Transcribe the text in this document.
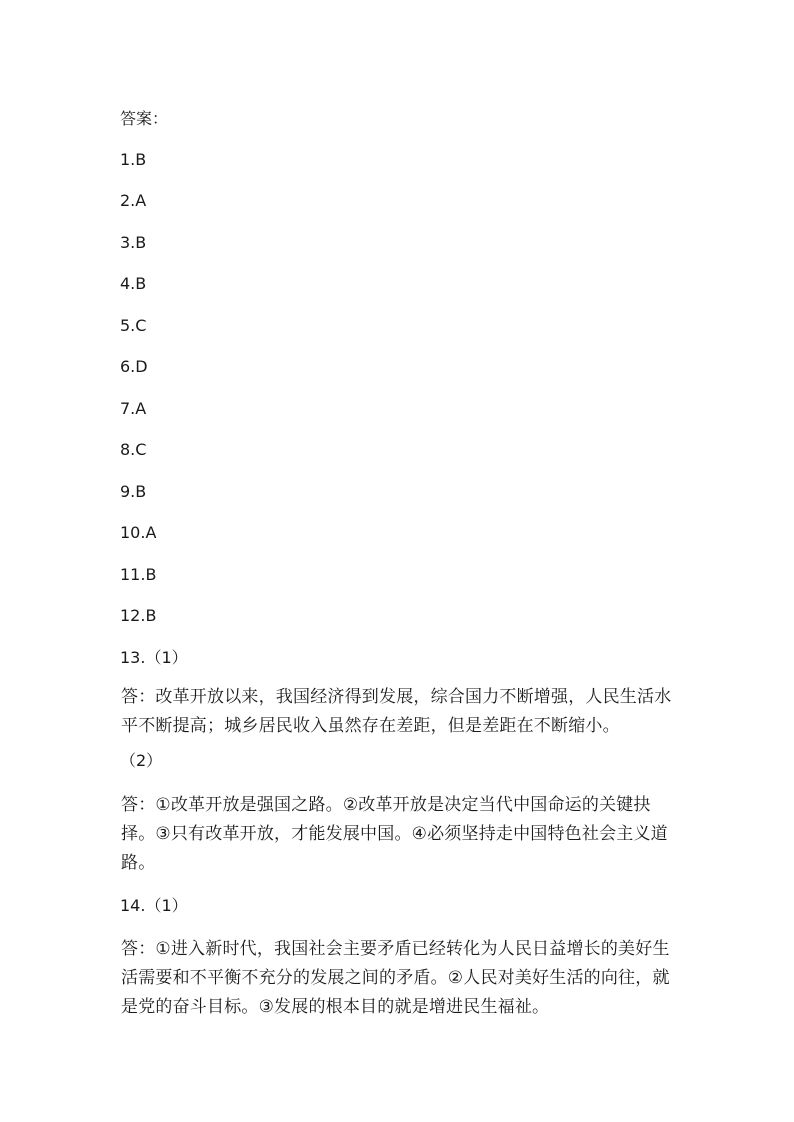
答案：
1.B
2.A
3.B
4.B
5.C
6.D
7.A
8.C
9.B
10.A
11.B
12.B
13.（1）
答：改革开放以来，我国经济得到发展，综合国力不断增强，人民生活水平不断提高；城乡居民收入虽然存在差距，但是差距在不断缩小。
（2）
答：①改革开放是强国之路。②改革开放是决定当代中国命运的关键抉择。③只有改革开放，才能发展中国。④必须坚持走中国特色社会主义道路。
14.（1）
答：①进入新时代，我国社会主要矛盾已经转化为人民日益增长的美好生活需要和不平衡不充分的发展之间的矛盾。②人民对美好生活的向往，就是党的奋斗目标。③发展的根本目的就是增进民生福祉。
